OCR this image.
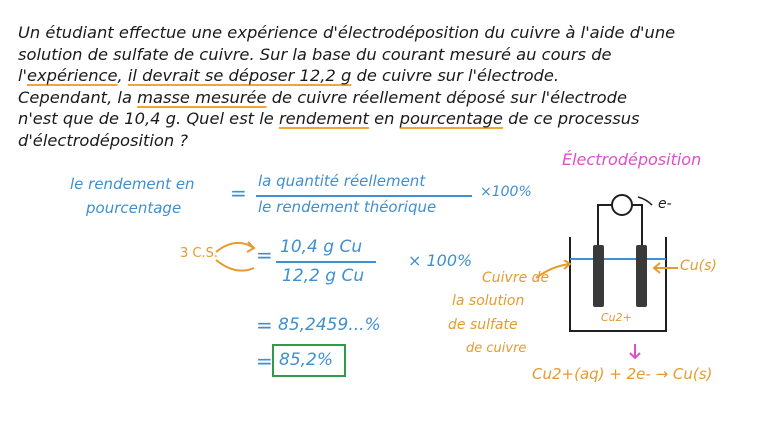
Un étudiant effectue une expérience d'électrodéposition du cuivre à l'aide d'une
solution de sulfate de cuivre. Sur la base du courant mesuré au cours de
l'expérience, il devrait se déposer 12,2 g de cuivre sur l'électrode.
Cependant, la masse mesurée de cuivre réellement déposé sur l'électrode
n'est que de 10,4 g. Quel est le rendement en pourcentage de ce processus
d'électrodéposition ?
Électrodéposition
le rendement en
pourcentage
= la quantité réellement
le rendement théorique
×100%
3 C.S. = 10,4 g Cu
12,2 g Cu
× 100%
= 85,2459...%
= 85,2%
e-
Cu(s)
Cu2+
Cuivre de
la solution
de sulfate
de cuivre
Cu2+(aq) + 2e- → Cu(s)
